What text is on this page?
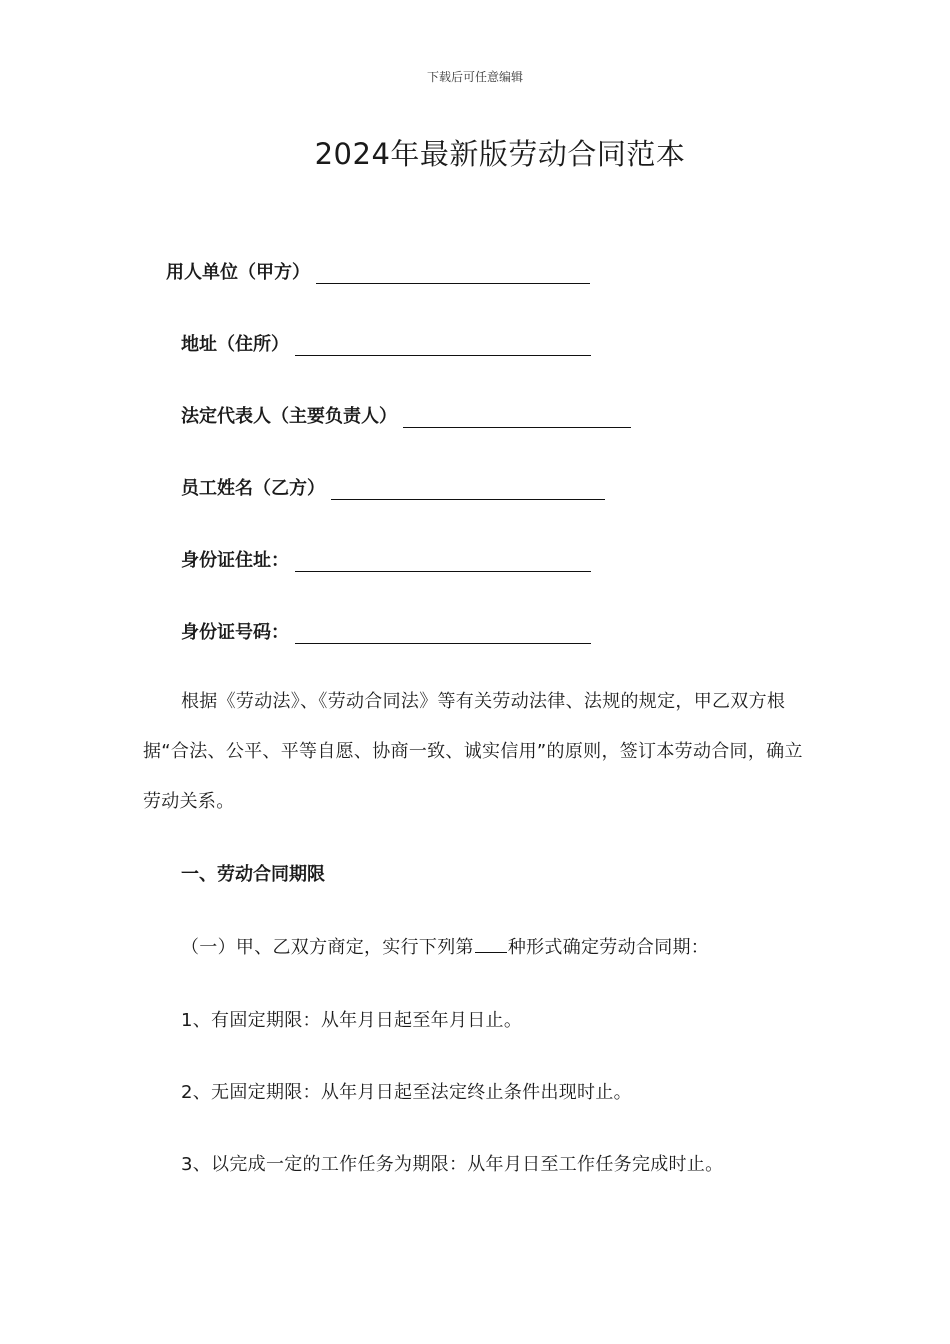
下载后可任意编辑
2024年最新版劳动合同范本
用人单位（甲方）
地址（住所）
法定代表人（主要负责人）
员工姓名（乙方）
身份证住址：
身份证号码：
根据《劳动法》、《劳动合同法》等有关劳动法律、法规的规定，甲乙双方根据“合法、公平、平等自愿、协商一致、诚实信用”的原则，签订本劳动合同，确立劳动关系。
一、劳动合同期限
（一）甲、乙双方商定，实行下列第 种形式确定劳动合同期：
1、有固定期限：从年月日起至年月日止。
2、无固定期限：从年月日起至法定终止条件出现时止。
3、以完成一定的工作任务为期限：从年月日至工作任务完成时止。
